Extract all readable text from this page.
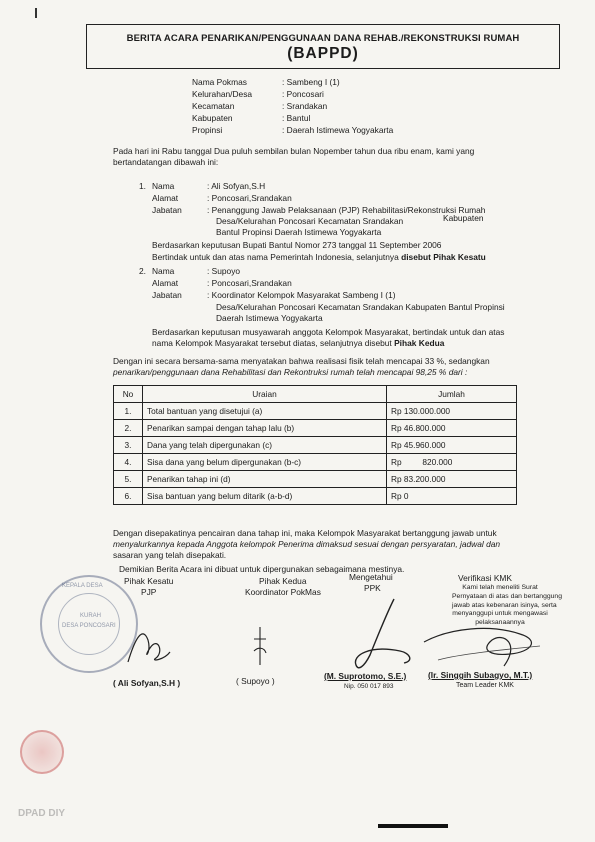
BERITA ACARA PENARIKAN/PENGGUNAAN DANA REHAB./REKONSTRUKSI RUMAH
(BAPPD)
Nama Pokmas	: Sambeng I (1)
Kelurahan/Desa	: Poncosari
Kecamatan	: Srandakan
Kabupaten	: Bantul
Propinsi	: Daerah Istimewa Yogyakarta
Pada hari ini Rabu tanggal Dua puluh sembilan bulan Nopember tahun dua ribu enam, kami yang
bertandatangan dibawah ini:
1. Nama	: Ali Sofyan,S.H
Alamat	: Poncosari,Srandakan
Jabatan	: Penanggung Jawab Pelaksanaan (PJP) Rehabilitasi/Rekonstruksi Rumah
Desa/Kelurahan Poncosari Kecamatan Srandakan	Kabupaten
Bantul Propinsi Daerah Istimewa Yogyakarta
Berdasarkan keputusan Bupati Bantul Nomor 273 tanggal 11 September 2006
Bertindak untuk dan atas nama Pemerintah Indonesia, selanjutnya disebut Pihak Kesatu
2. Nama	: Supoyo
Alamat	: Poncosari,Srandakan
Jabatan	: Koordinator Kelompok Masyarakat Sambeng I (1)
Desa/Kelurahan Poncosari Kecamatan Srandakan Kabupaten Bantul Propinsi
Daerah Istimewa Yogyakarta
Berdasarkan keputusan musyawarah anggota Kelompok Masyarakat, bertindak untuk dan atas
nama Kelompok Masyarakat tersebut diatas, selanjutnya disebut Pihak Kedua
Dengan ini secara bersama-sama menyatakan bahwa realisasi fisik telah mencapai 33 %, sedangkan
penarikan/penggunaan dana Rehabilitasi dan Rekontruksi rumah telah mencapai 98,25 % dari :
No	Uraian	Jumlah
1.	Total bantuan yang disetujui (a)	Rp 130.000.000
2.	Penarikan sampai dengan tahap lalu (b)	Rp 46.800.000
3.	Dana yang telah dipergunakan (c)	Rp 45.960.000
4.	Sisa dana yang belum dipergunakan (b-c)	Rp         820.000
5.	Penarikan tahap ini (d)	Rp 83.200.000
6.	Sisa bantuan yang belum ditarik (a-b-d)	Rp 0
Dengan disepakatinya pencairan dana tahap ini, maka Kelompok Masyarakat bertanggung jawab untuk
menyalurkannya kepada Anggota kelompok Penerima dimaksud sesuai dengan persyaratan, jadwal dan
sasaran yang telah disepakati.
Demikian Berita Acara ini dibuat untuk dipergunakan sebagaimana mestinya.
KEPALA DESA
KURAH
DESA PONCOSARI
Pihak Kesatu
PJP
Pihak Kedua
Koordinator PokMas
Mengetahui
PPK
Verifikasi KMK
Kami telah meneliti Surat
Pernyataan di atas dan bertanggung
jawab atas kebenaran isinya, serta
menyanggupi untuk mengawasi
pelaksanaannya
( Ali Sofyan,S.H )	( Supoyo )	(M. Suprotomo, S.E.)
Nip. 050 017 893
(Ir. Singgih Subagyo, M.T.)
Team Leader KMK
DPAD DIY
